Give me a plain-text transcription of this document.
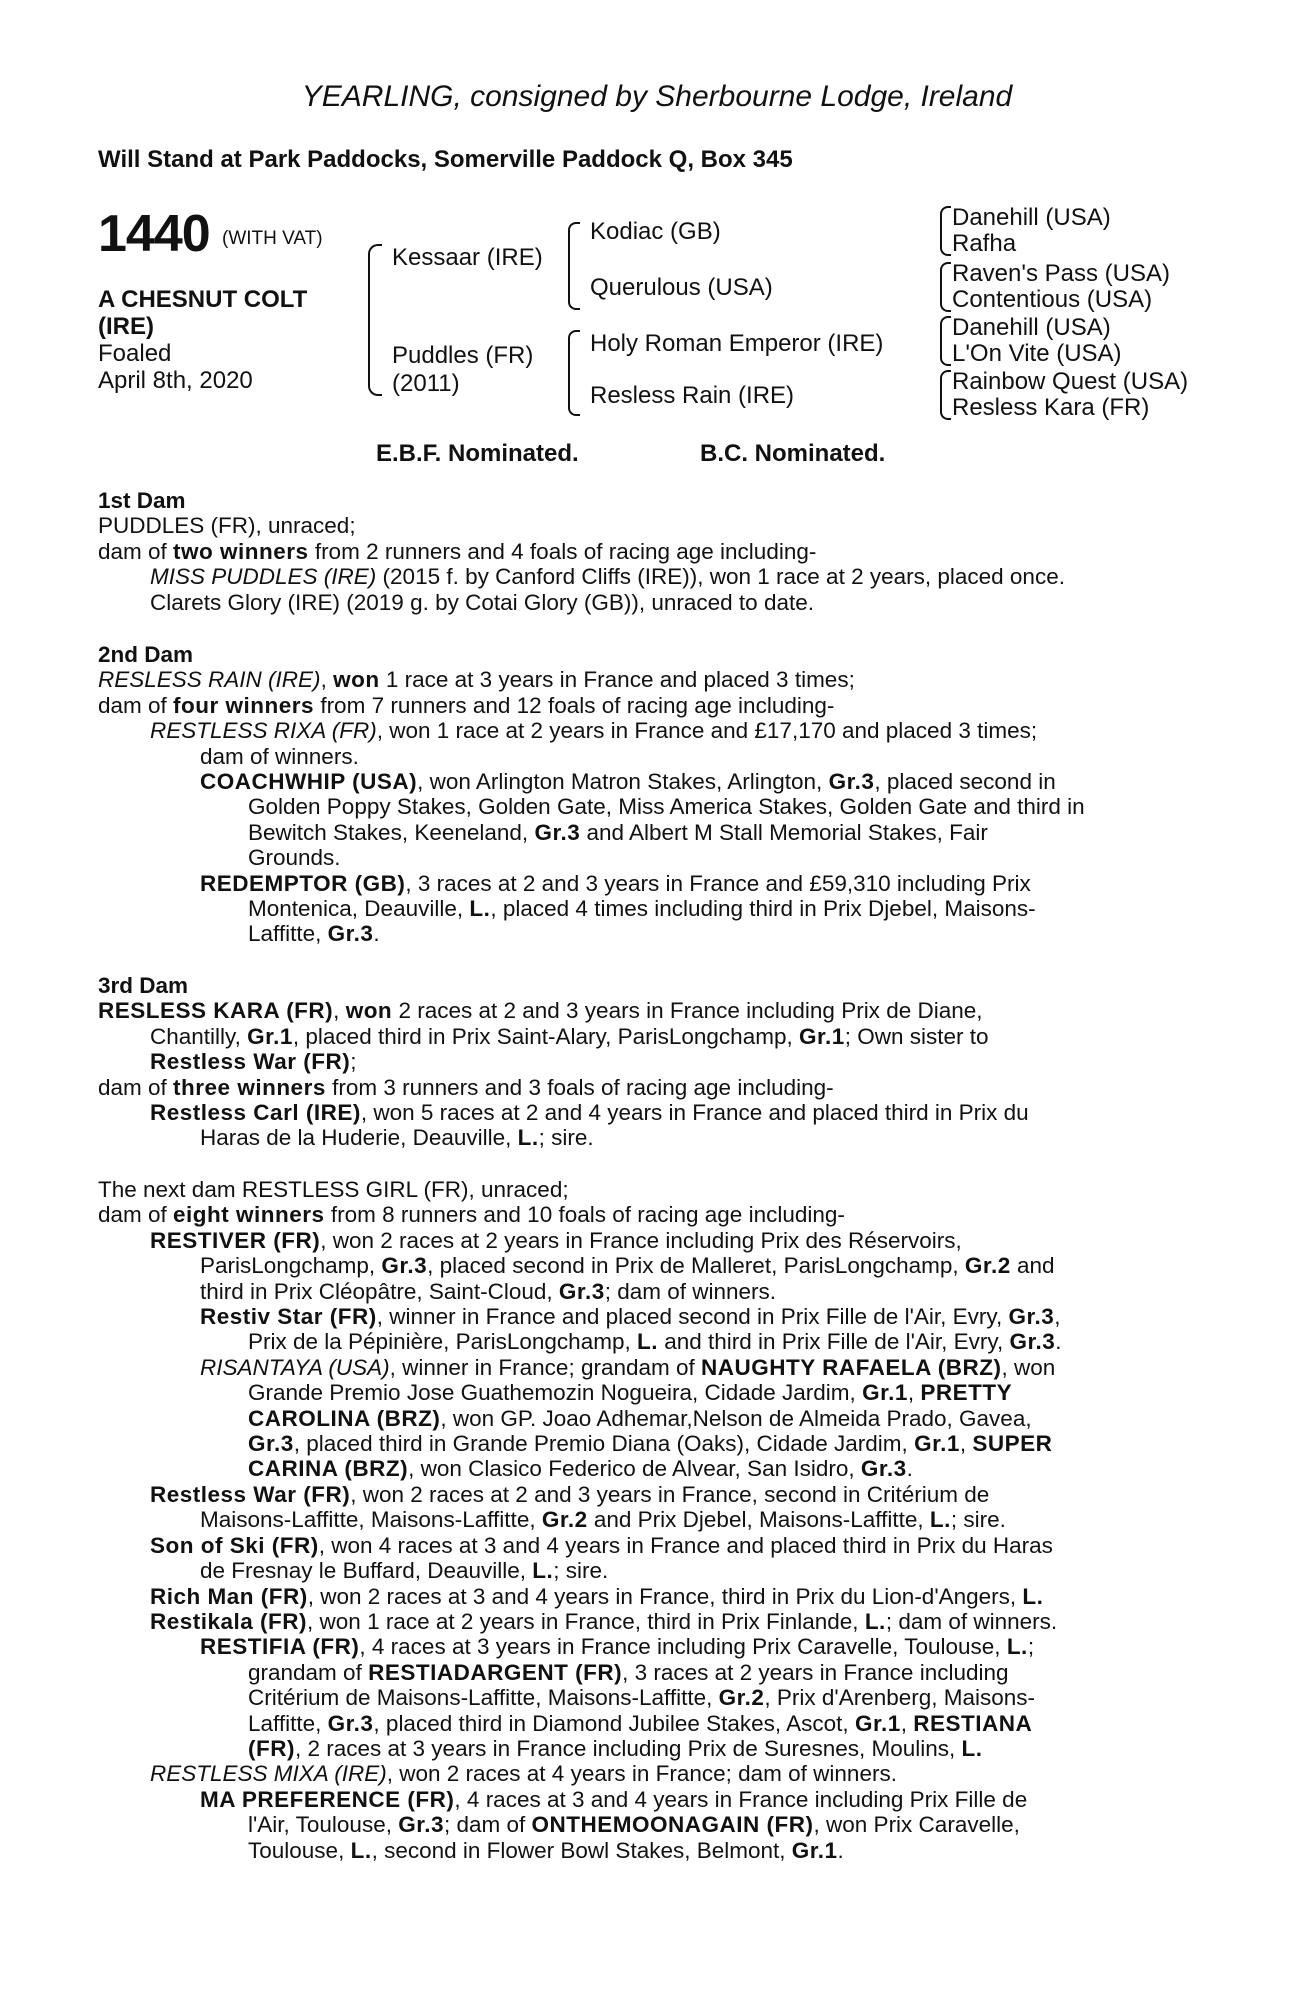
YEARLING, consigned by Sherbourne Lodge, Ireland
Will Stand at Park Paddocks, Somerville Paddock Q, Box 345
1440 (WITH VAT)
A CHESNUT COLT
(IRE)
Foaled
April 8th, 2020
Kessaar (IRE)
Puddles (FR)
(2011)
Kodiac (GB)
Querulous (USA)
Holy Roman Emperor (IRE)
Resless Rain (IRE)
Danehill (USA)
Rafha
Raven's Pass (USA)
Contentious (USA)
Danehill (USA)
L'On Vite (USA)
Rainbow Quest (USA)
Resless Kara (FR)
E.B.F. Nominated.	B.C. Nominated.
1st Dam
PUDDLES (FR), unraced;
dam of two winners from 2 runners and 4 foals of racing age including-
MISS PUDDLES (IRE) (2015 f. by Canford Cliffs (IRE)), won 1 race at 2 years, placed once.
Clarets Glory (IRE) (2019 g. by Cotai Glory (GB)), unraced to date.
2nd Dam
RESLESS RAIN (IRE), won 1 race at 3 years in France and placed 3 times;
dam of four winners from 7 runners and 12 foals of racing age including-
RESTLESS RIXA (FR), won 1 race at 2 years in France and £17,170 and placed 3 times;
dam of winners.
COACHWHIP (USA), won Arlington Matron Stakes, Arlington, Gr.3, placed second in
Golden Poppy Stakes, Golden Gate, Miss America Stakes, Golden Gate and third in
Bewitch Stakes, Keeneland, Gr.3 and Albert M Stall Memorial Stakes, Fair
Grounds.
REDEMPTOR (GB), 3 races at 2 and 3 years in France and £59,310 including Prix
Montenica, Deauville, L., placed 4 times including third in Prix Djebel, Maisons-
Laffitte, Gr.3.
3rd Dam
RESLESS KARA (FR), won 2 races at 2 and 3 years in France including Prix de Diane,
Chantilly, Gr.1, placed third in Prix Saint-Alary, ParisLongchamp, Gr.1; Own sister to
Restless War (FR);
dam of three winners from 3 runners and 3 foals of racing age including-
Restless Carl (IRE), won 5 races at 2 and 4 years in France and placed third in Prix du
Haras de la Huderie, Deauville, L.; sire.
The next dam RESTLESS GIRL (FR), unraced;
dam of eight winners from 8 runners and 10 foals of racing age including-
RESTIVER (FR), won 2 races at 2 years in France including Prix des Réservoirs,
ParisLongchamp, Gr.3, placed second in Prix de Malleret, ParisLongchamp, Gr.2 and
third in Prix Cléopâtre, Saint-Cloud, Gr.3; dam of winners.
Restiv Star (FR), winner in France and placed second in Prix Fille de l'Air, Evry, Gr.3,
Prix de la Pépinière, ParisLongchamp, L. and third in Prix Fille de l'Air, Evry, Gr.3.
RISANTAYA (USA), winner in France; grandam of NAUGHTY RAFAELA (BRZ), won
Grande Premio Jose Guathemozin Nogueira, Cidade Jardim, Gr.1, PRETTY
CAROLINA (BRZ), won GP. Joao Adhemar,Nelson de Almeida Prado, Gavea,
Gr.3, placed third in Grande Premio Diana (Oaks), Cidade Jardim, Gr.1, SUPER
CARINA (BRZ), won Clasico Federico de Alvear, San Isidro, Gr.3.
Restless War (FR), won 2 races at 2 and 3 years in France, second in Critérium de
Maisons-Laffitte, Maisons-Laffitte, Gr.2 and Prix Djebel, Maisons-Laffitte, L.; sire.
Son of Ski (FR), won 4 races at 3 and 4 years in France and placed third in Prix du Haras
de Fresnay le Buffard, Deauville, L.; sire.
Rich Man (FR), won 2 races at 3 and 4 years in France, third in Prix du Lion-d'Angers, L.
Restikala (FR), won 1 race at 2 years in France, third in Prix Finlande, L.; dam of winners.
RESTIFIA (FR), 4 races at 3 years in France including Prix Caravelle, Toulouse, L.;
grandam of RESTIADARGENT (FR), 3 races at 2 years in France including
Critérium de Maisons-Laffitte, Maisons-Laffitte, Gr.2, Prix d'Arenberg, Maisons-
Laffitte, Gr.3, placed third in Diamond Jubilee Stakes, Ascot, Gr.1, RESTIANA
(FR), 2 races at 3 years in France including Prix de Suresnes, Moulins, L.
RESTLESS MIXA (IRE), won 2 races at 4 years in France; dam of winners.
MA PREFERENCE (FR), 4 races at 3 and 4 years in France including Prix Fille de
l'Air, Toulouse, Gr.3; dam of ONTHEMOONAGAIN (FR), won Prix Caravelle,
Toulouse, L., second in Flower Bowl Stakes, Belmont, Gr.1.
